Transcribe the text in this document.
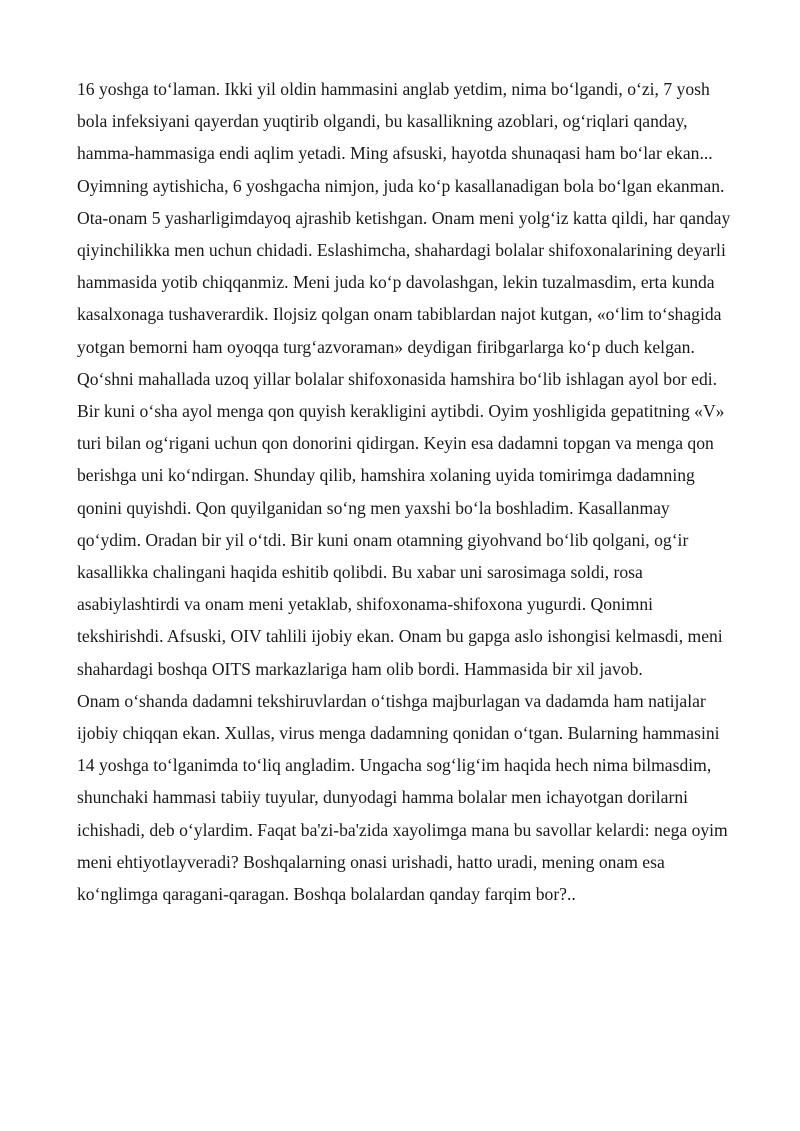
16 yoshga to‘laman. Ikki yil oldin hammasini anglab yetdim, nima bo‘lgandi, o‘zi, 7 yosh bola infeksiyani qayerdan yuqtirib olgandi, bu kasallikning azoblari, og‘riqlari qanday, hamma-hammasiga endi aqlim yetadi. Ming afsuski, hayotda shunaqasi ham bo‘lar ekan...

Oyimning aytishicha, 6 yoshgacha nimjon, juda ko‘p kasallanadigan bola bo‘lgan ekanman. Ota-onam 5 yasharligimdayoq ajrashib ketishgan. Onam meni yolg‘iz katta qildi, har qanday qiyinchilikka men uchun chidadi. Eslashimcha, shahardagi bolalar shifoxonalarining deyarli hammasida yotib chiqqanmiz. Meni juda ko‘p davolashgan, lekin tuzalmasdim, erta kunda kasalxonaga tushaverardik. Ilojsiz qolgan onam tabiblardan najot kutgan, «o‘lim to‘shagida yotgan bemorni ham oyoqqa turg‘azvoraman» deydigan firibgarlarga ko‘p duch kelgan.

Qo‘shni mahallada uzoq yillar bolalar shifoxonasida hamshira bo‘lib ishlagan ayol bor edi. Bir kuni o‘sha ayol menga qon quyish kerakligini aytibdi. Oyim yoshligida gepatitning «V» turi bilan og‘rigani uchun qon donorini qidirgan. Keyin esa dadamni topgan va menga qon berishga uni ko‘ndirgan. Shunday qilib, hamshira xolaning uyida tomirimga dadamning qonini quyishdi. Qon quyilganidan so‘ng men yaxshi bo‘la boshladim. Kasallanmay qo‘ydim. Oradan bir yil o‘tdi. Bir kuni onam otamning giyohvand bo‘lib qolgani, og‘ir kasallikka chalingani haqida eshitib qolibdi. Bu xabar uni sarosimaga soldi, rosa asabiylashtirdi va onam meni yetaklab, shifoxonama-shifoxona yugurdi. Qonimni tekshirishdi. Afsuski, OIV tahlili ijobiy ekan. Onam bu gapga aslo ishongisi kelmasdi, meni shahardagi boshqa OITS markazlariga ham olib bordi. Hammasida bir xil javob.

Onam o‘shanda dadamni tekshiruvlardan o‘tishga majburlagan va dadamda ham natijalar ijobiy chiqqan ekan. Xullas, virus menga dadamning qonidan o‘tgan. Bularning hammasini 14 yoshga to‘lganimda to‘liq angladim. Ungacha sog‘lig‘im haqida hech nima bilmasdim, shunchaki hammasi tabiiy tuyular, dunyodagi hamma bolalar men ichayotgan dorilarni ichishadi, deb o‘ylardim. Faqat ba'zi-ba'zida xayolimga mana bu savollar kelardi: nega oyim meni ehtiyotlayveradi? Boshqalarning onasi urishadi, hatto uradi, mening onam esa ko‘nglimga qaragani-qaragan. Boshqa bolalardan qanday farqim bor?..
